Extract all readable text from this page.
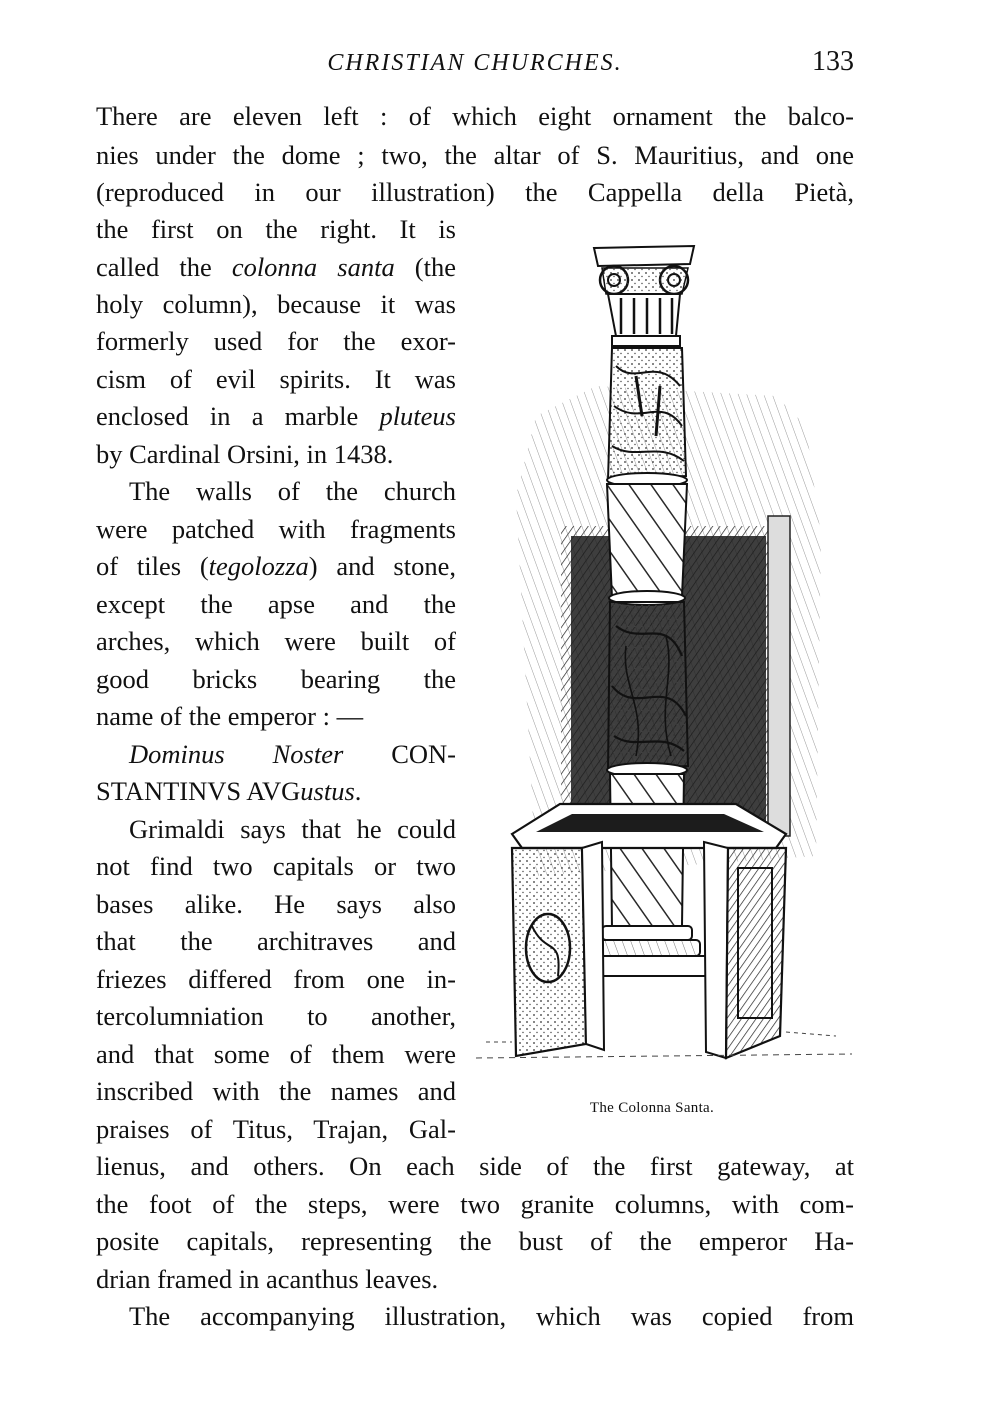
CHRISTIAN CHURCHES.	133
There are eleven left : of which eight ornament the balco-
nies under the dome ; two, the altar of S. Mauritius, and one
(reproduced in our illustration) the Cappella della Pietà,
the first on the right. It is
called the colonna santa (the
holy column), because it was
formerly used for the exor-
cism of evil spirits. It was
enclosed in a marble pluteus
by Cardinal Orsini, in 1438.
The walls of the church
were patched with fragments
of tiles (tegolozza) and stone,
except the apse and the
arches, which were built of
good bricks bearing the
name of the emperor : —
Dominus Noster CON-
STANTINVS AVGustus.
Grimaldi says that he could
not find two capitals or two
bases alike. He says also
that the architraves and
friezes differed from one in-
tercolumniation to another,
and that some of them were
inscribed with the names and
praises of Titus, Trajan, Gal-
lienus, and others. On each side of the first gateway, at
the foot of the steps, were two granite columns, with com-
posite capitals, representing the bust of the emperor Ha-
drian framed in acanthus leaves.
The accompanying illustration, which was copied from
The Colonna Santa.
